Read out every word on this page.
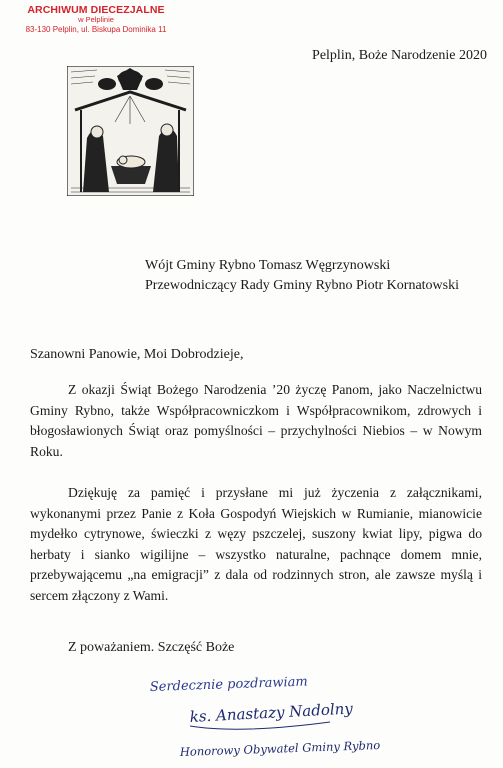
ARCHIWUM DIECEZJALNE
w Pelplinie
83-130 Pelplin, ul. Biskupa Dominika 11
Pelplin, Boże Narodzenie 2020
Wójt Gminy Rybno Tomasz Węgrzynowski
Przewodniczący Rady Gminy Rybno Piotr Kornatowski
Szanowni Panowie, Moi Dobrodzieje,

Z okazji Świąt Bożego Narodzenia ’20 życzę Panom, jako Naczelnictwu Gminy Rybno, także Współpracowniczkom i Współpracownikom, zdrowych i błogosławionych Świąt oraz pomyślności – przychylności Niebios – w Nowym Roku.

Dziękuję za pamięć i przysłane mi już życzenia z załącznikami, wykonanymi przez Panie z Koła Gospodyń Wiejskich w Rumianie, mianowicie mydełko cytrynowe, świeczki z węzy pszczelej, suszony kwiat lipy, pigwa do herbaty i sianko wigilijne – wszystko naturalne, pachnące domem mnie, przebywającemu „na emigracji” z dala od rodzinnych stron, ale zawsze myślą i sercem złączony z Wami.

Z poważaniem. Szczęść Boże
Serdecznie pozdrawiam
ks. Anastazy Nadolny
Honorowy Obywatel Gminy Rybno
